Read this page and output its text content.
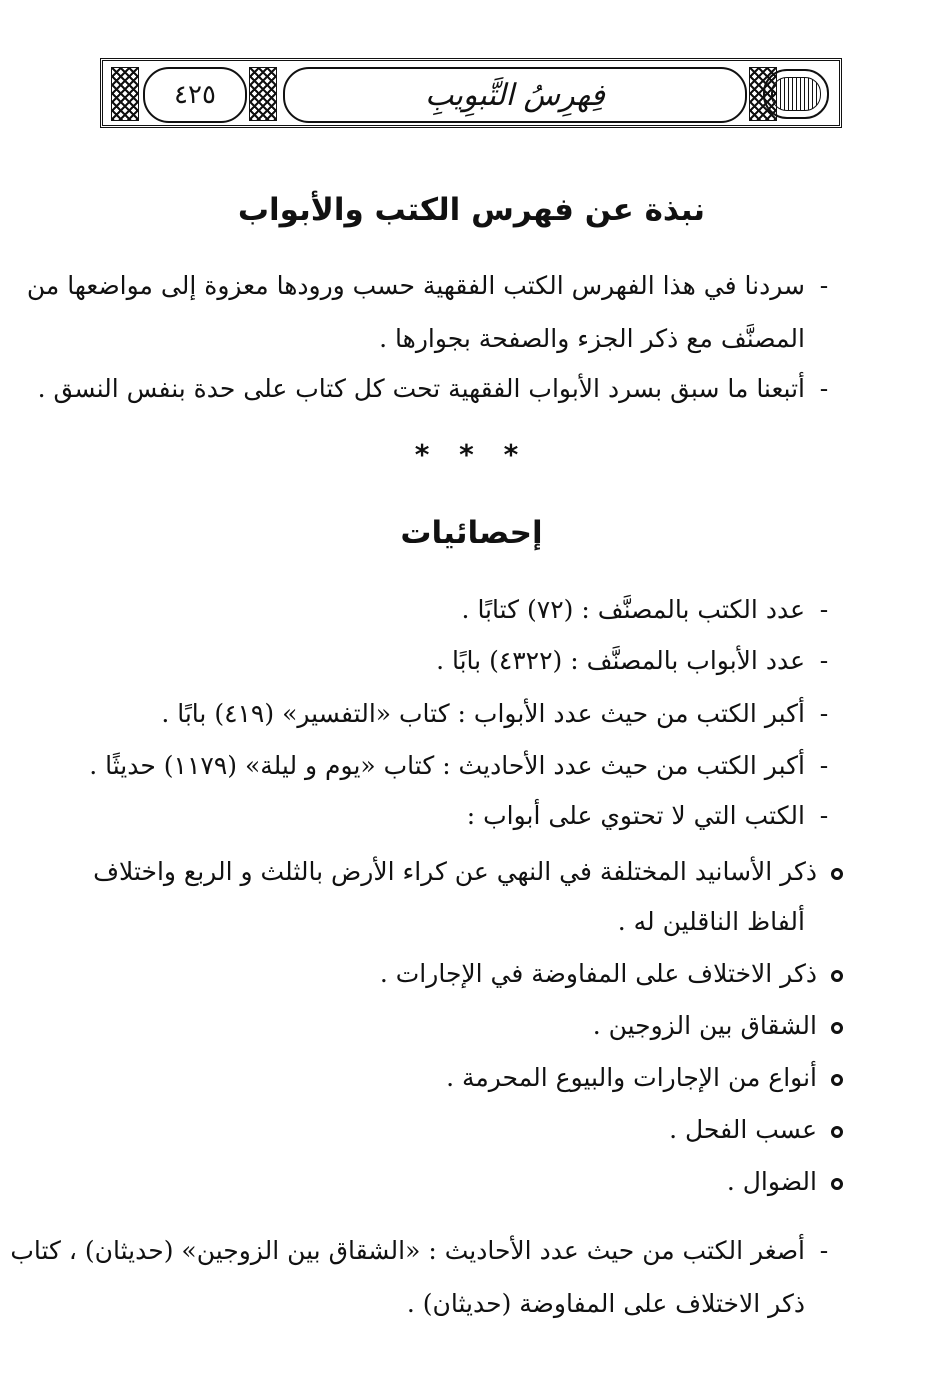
٤٢٥	فِهرِسُ التَّبوِيبِ
نبذة عن فهرس الكتب والأبواب
-سردنا في هذا الفهرس الكتب الفقهية حسب ورودها معزوة إلى مواضعها من
المصنَّف مع ذكر الجزء والصفحة بجوارها .
-أتبعنا ما سبق بسرد الأبواب الفقهية تحت كل كتاب على حدة بنفس النسق .
* * *
إحصائيات
-عدد الكتب بالمصنَّف : (٧٢) كتابًا .
-عدد الأبواب بالمصنَّف : (٤٣٢٢) بابًا .
-أكبر الكتب من حيث عدد الأبواب : كتاب «التفسير» (٤١٩) بابًا .
-أكبر الكتب من حيث عدد الأحاديث : كتاب «يوم و ليلة» (١١٧٩) حديثًا .
-الكتب التي لا تحتوي على أبواب :
ذكر الأسانيد المختلفة في النهي عن كراء الأرض بالثلث و الربع واختلاف
ألفاظ الناقلين له .
ذكر الاختلاف على المفاوضة في الإجارات .
الشقاق بين الزوجين .
أنواع من الإجارات والبيوع المحرمة .
عسب الفحل .
الضوال .
-أصغر الكتب من حيث عدد الأحاديث : «الشقاق بين الزوجين» (حديثان) ، كتاب
ذكر الاختلاف على المفاوضة (حديثان) .
